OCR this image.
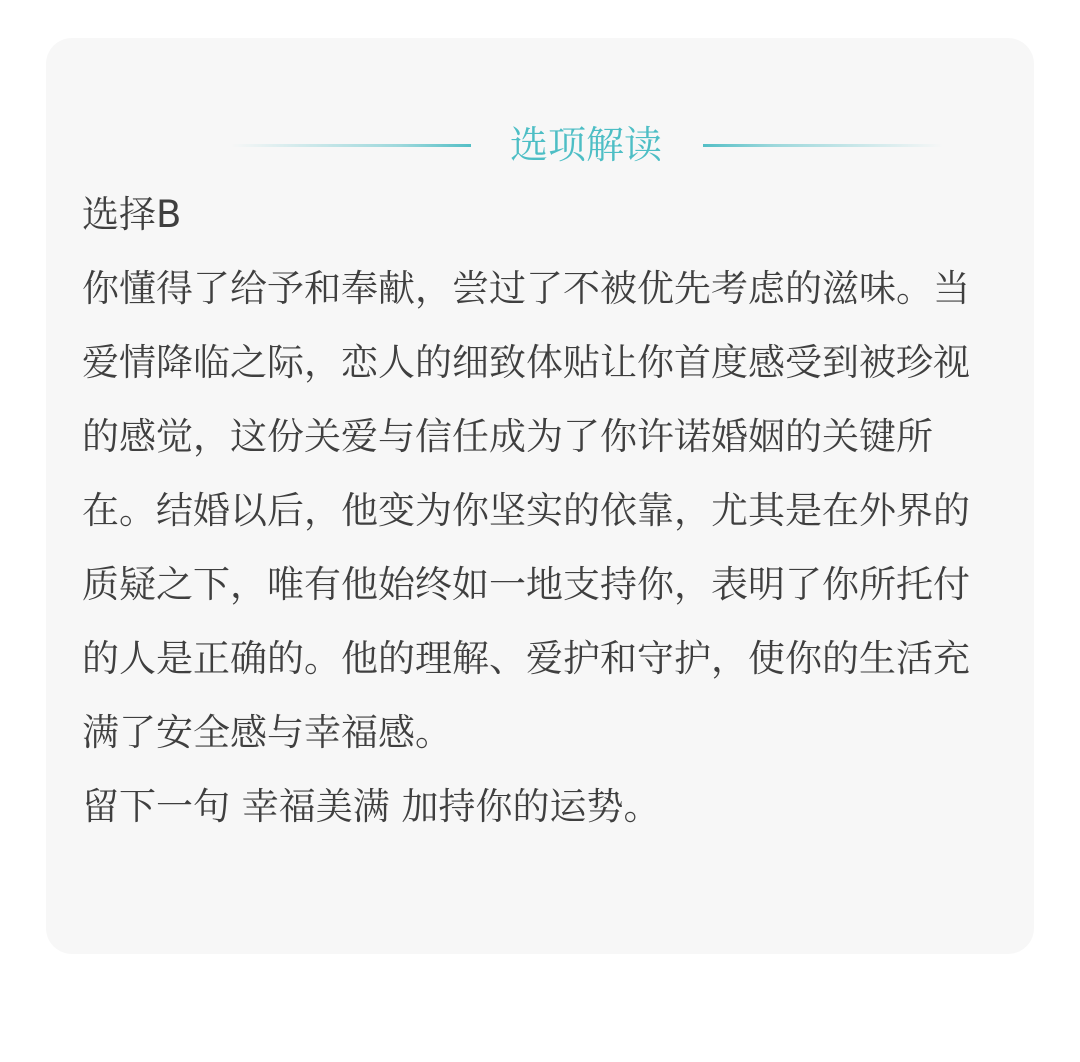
选项解读

选择B

你懂得了给予和奉献，尝过了不被优先考虑的滋味。当爱情降临之际，恋人的细致体贴让你首度感受到被珍视的感觉，这份关爱与信任成为了你许诺婚姻的关键所在。结婚以后，他变为你坚实的依靠，尤其是在外界的质疑之下，唯有他始终如一地支持你，表明了你所托付的人是正确的。他的理解、爱护和守护，使你的生活充满了安全感与幸福感。

留下一句 幸福美满 加持你的运势。
